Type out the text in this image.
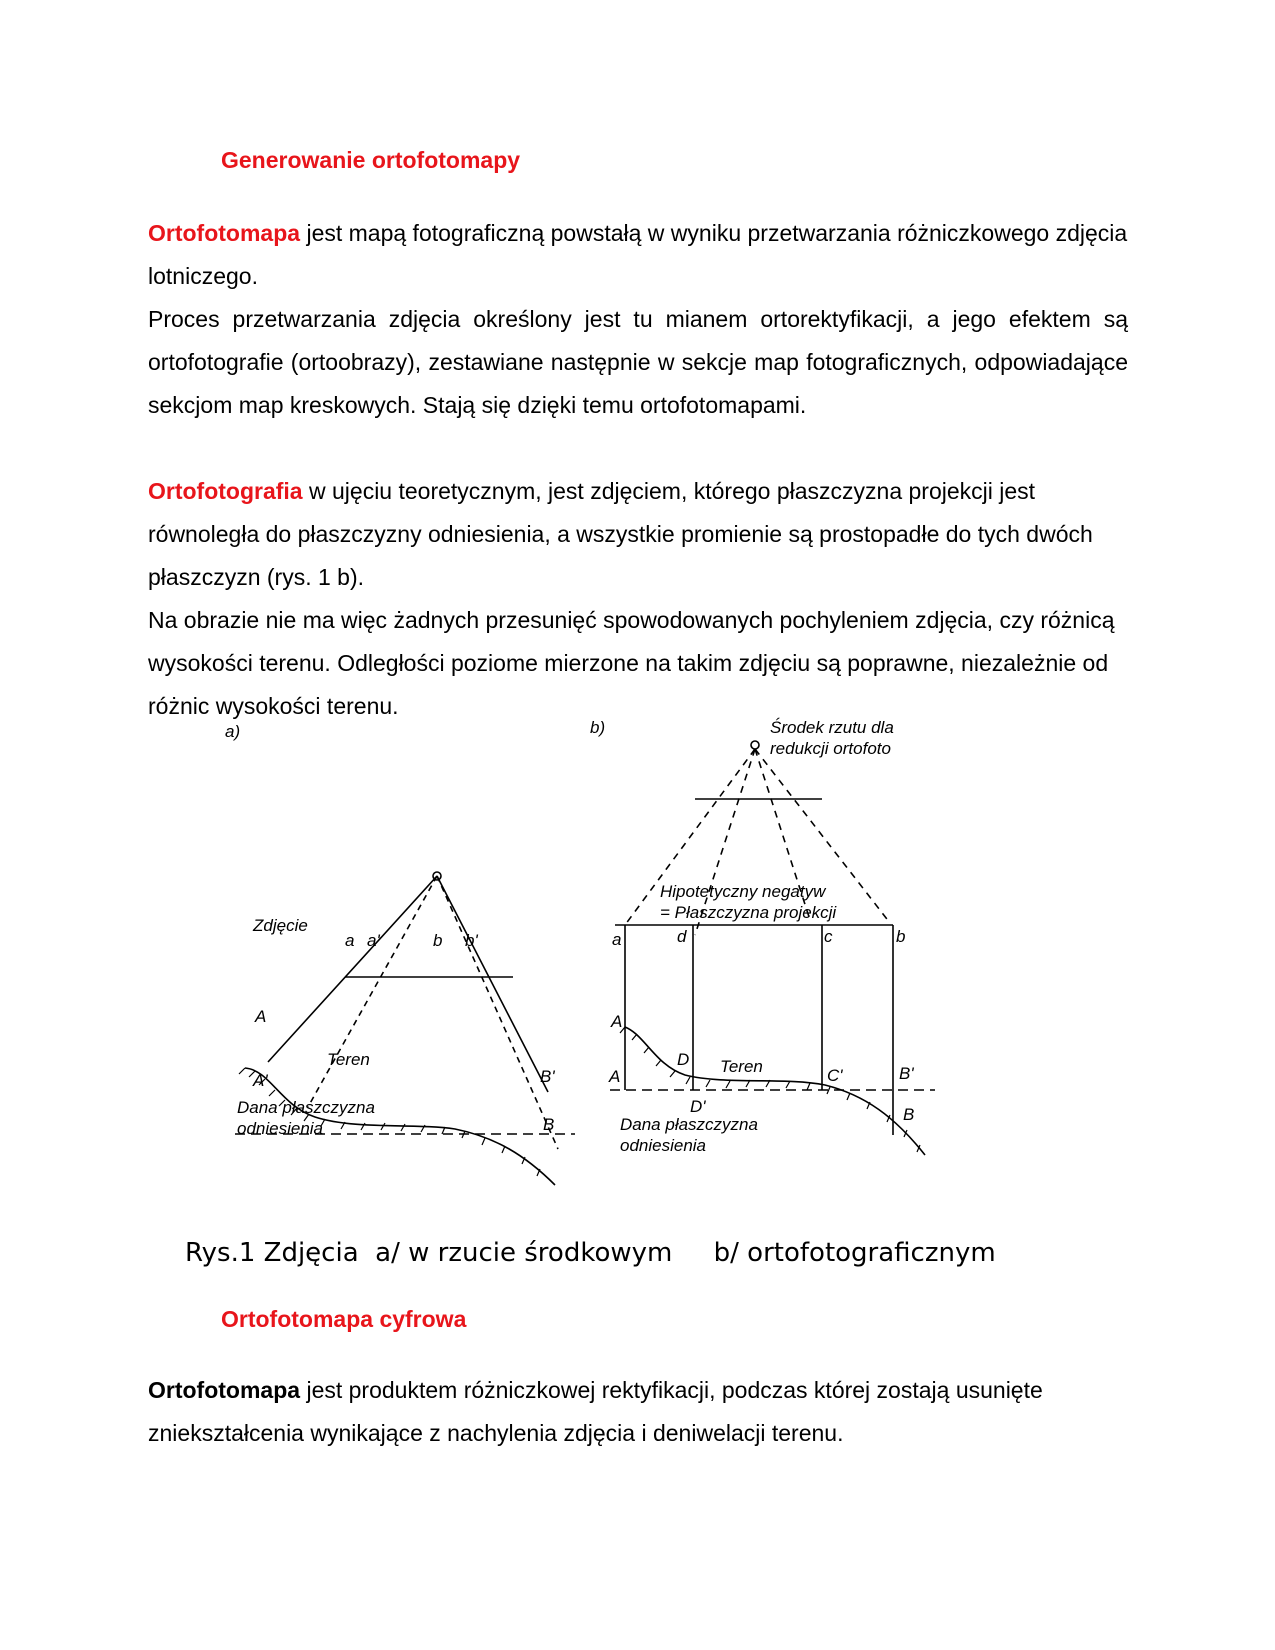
Generowanie ortofotomapy

Ortofotomapa jest mapą fotograficzną powstałą w wyniku przetwarzania różniczkowego zdjęcia lotniczego.

Proces przetwarzania zdjęcia określony jest tu mianem ortorektyfikacji, a jego efektem są ortofotografie (ortoobrazy), zestawiane następnie w sekcje map fotograficznych, odpowiadające sekcjom map kreskowych. Stają się dzięki temu ortofotomapami.

Ortofotografia w ujęciu teoretycznym, jest zdjęciem, którego płaszczyzna projekcji jest równoległa do płaszczyzny odniesienia, a wszystkie promienie są prostopadłe do tych dwóch płaszczyzn (rys. 1 b).

Na obrazie nie ma więc żadnych przesunięć spowodowanych pochyleniem zdjęcia, czy różnicą wysokości terenu. Odległości poziome mierzone na takim zdjęciu są poprawne, niezależnie od różnic wysokości terenu.

a)
Zdjęcie
a a'	b b'
A
Teren
A'	B'
B
Dana płaszczyzna
odniesienia
b)	Środek rzutu dla
redukcji ortofoto
Hipotetyczny negatyw
= Płaszczyzna projekcji
a	d	c	b
A
D Teren
A	C'	B'
D'	B
Dana płaszczyzna
odniesienia
Rys.1 Zdjęcia  a/ w rzucie środkowym     b/ ortofotograficznym
Ortofotomapa cyfrowa

Ortofotomapa jest produktem różniczkowej rektyfikacji, podczas której zostają usunięte zniekształcenia wynikające z nachylenia zdjęcia i deniwelacji terenu.
